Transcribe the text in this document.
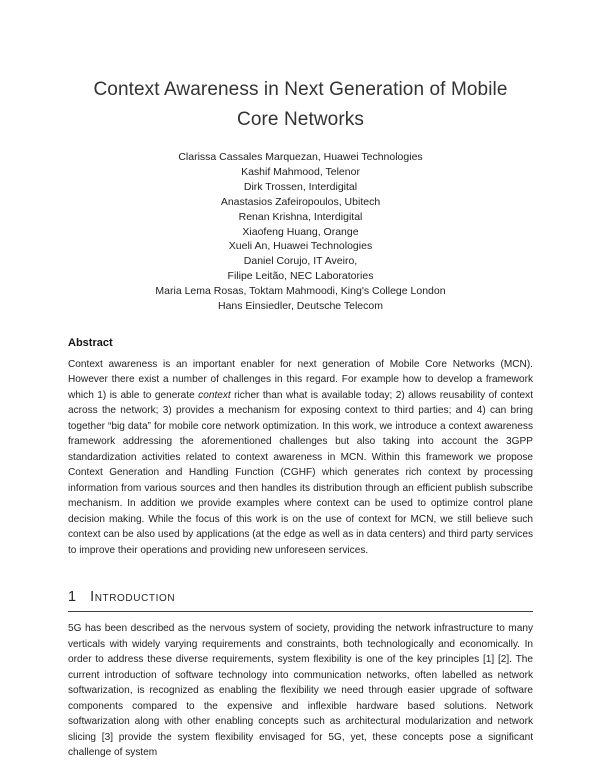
Context Awareness in Next Generation of Mobile
Core Networks
Clarissa Cassales Marquezan, Huawei Technologies
Kashif Mahmood, Telenor
Dirk Trossen, Interdigital
Anastasios Zafeiropoulos, Ubitech
Renan Krishna, Interdigital
Xiaofeng Huang, Orange
Xueli An, Huawei Technologies
Daniel Corujo, IT Aveiro,
Filipe Leitão, NEC Laboratories
Maria Lema Rosas, Toktam Mahmoodi, King's College London
Hans Einsiedler, Deutsche Telecom
Abstract

Context awareness is an important enabler for next generation of Mobile Core Networks (MCN). However there exist a number of challenges in this regard. For example how to develop a framework which 1) is able to generate context richer than what is available today; 2) allows reusability of context across the network; 3) provides a mechanism for exposing context to third parties; and 4) can bring together “big data” for mobile core network optimization. In this work, we introduce a context awareness framework addressing the aforementioned challenges but also taking into account the 3GPP standardization activities related to context awareness in MCN. Within this framework we propose Context Generation and Handling Function (CGHF) which generates rich context by processing information from various sources and then handles its distribution through an efficient publish subscribe mechanism. In addition we provide examples where context can be used to optimize control plane decision making. While the focus of this work is on the use of context for MCN, we still believe such context can be also used by applications (at the edge as well as in data centers) and third party services to improve their operations and providing new unforeseen services.

1 Introduction

5G has been described as the nervous system of society, providing the network infrastructure to many verticals with widely varying requirements and constraints, both technologically and economically. In order to address these diverse requirements, system flexibility is one of the key principles [1] [2]. The current introduction of software technology into communication networks, often labelled as network softwarization, is recognized as enabling the flexibility we need through easier upgrade of software components compared to the expensive and inflexible hardware based solutions. Network softwarization along with other enabling concepts such as architectural modularization and network slicing [3] provide the system flexibility envisaged for 5G, yet, these concepts pose a significant challenge of system
